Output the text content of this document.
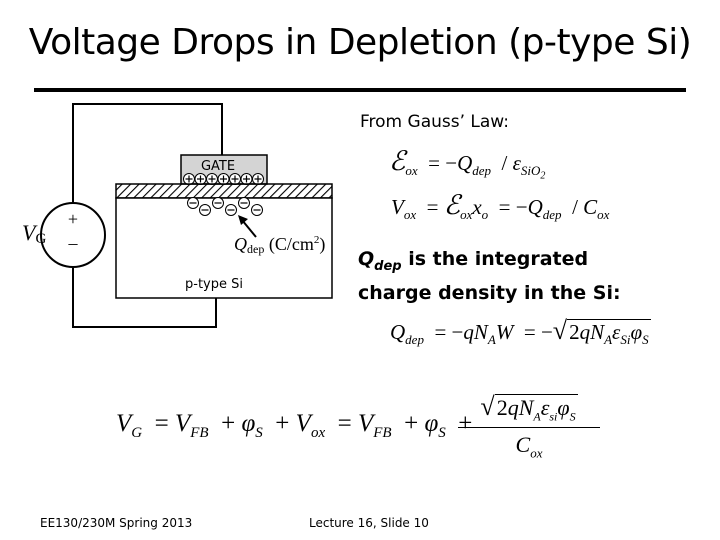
Voltage Drops in Depletion (p-type Si)
GATE
Qdep $(C/cm^2)$
p-type Si
+
–
VG
From Gauss’ Law:
ℰ$_{ox}$  = $-Q_{dep} / \varepsilon_{SiO_2}$
$V_{ox}$  = $ℰ_{ox}x_o = -Q_{dep} / C_{ox}$
$Q_{dep}$ is the integrated
charge density in the Si:
$Q_{dep} = -qN_AW = -√2qN_A\varepsilon_{Si}\varphi_S$
$V_G = V_{FB} + \varphi_S + V_{ox} = V_{FB} + \varphi_S$  +
$√2qN_A\varepsilon_{si}\varphi_S$
$C_{ox}$
EE130/230M Spring 2013	Lecture 16, Slide 10
